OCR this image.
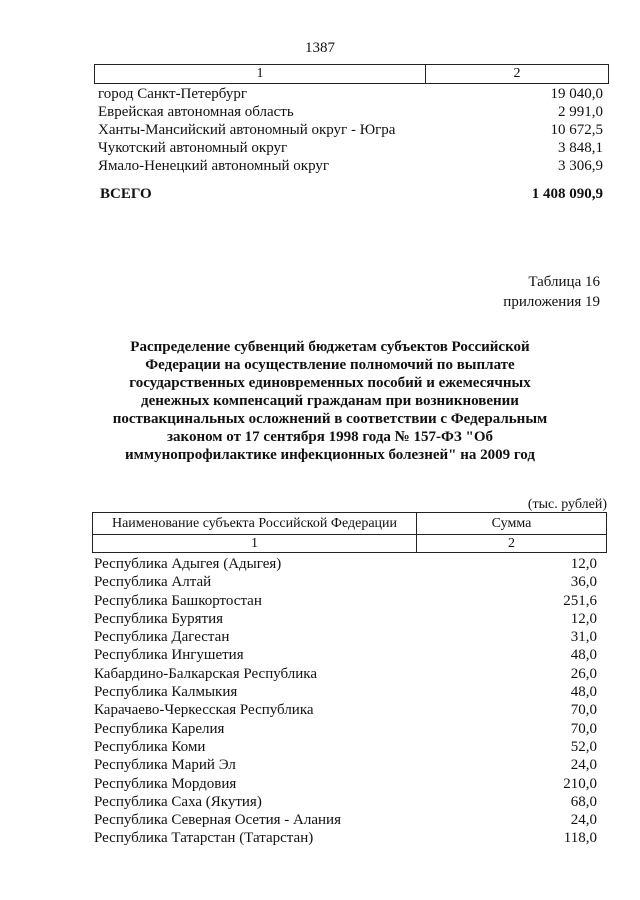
1387
1	2
город Санкт-Петербург	19 040,0
Еврейская автономная область	2 991,0
Ханты-Мансийский автономный округ - Югра	10 672,5
Чукотский автономный округ	3 848,1
Ямало-Ненецкий автономный округ	3 306,9
ВСЕГО	1 408 090,9
Таблица 16
приложения 19
Распределение субвенций бюджетам субъектов Российской
Федерации на осуществление полномочий по выплате
государственных единовременных пособий и ежемесячных
денежных компенсаций гражданам при возникновении
поствакцинальных осложнений в соответствии с Федеральным
законом от 17 сентября 1998 года № 157-ФЗ "Об
иммунопрофилактике инфекционных болезней" на 2009 год
(тыс. рублей)
Наименование субъекта Российской Федерации	Сумма
1	2
Республика Адыгея (Адыгея)	12,0
Республика Алтай	36,0
Республика Башкортостан	251,6
Республика Бурятия	12,0
Республика Дагестан	31,0
Республика Ингушетия	48,0
Кабардино-Балкарская Республика	26,0
Республика Калмыкия	48,0
Карачаево-Черкесская Республика	70,0
Республика Карелия	70,0
Республика Коми	52,0
Республика Марий Эл	24,0
Республика Мордовия	210,0
Республика Саха (Якутия)	68,0
Республика Северная Осетия - Алания	24,0
Республика Татарстан (Татарстан)	118,0
